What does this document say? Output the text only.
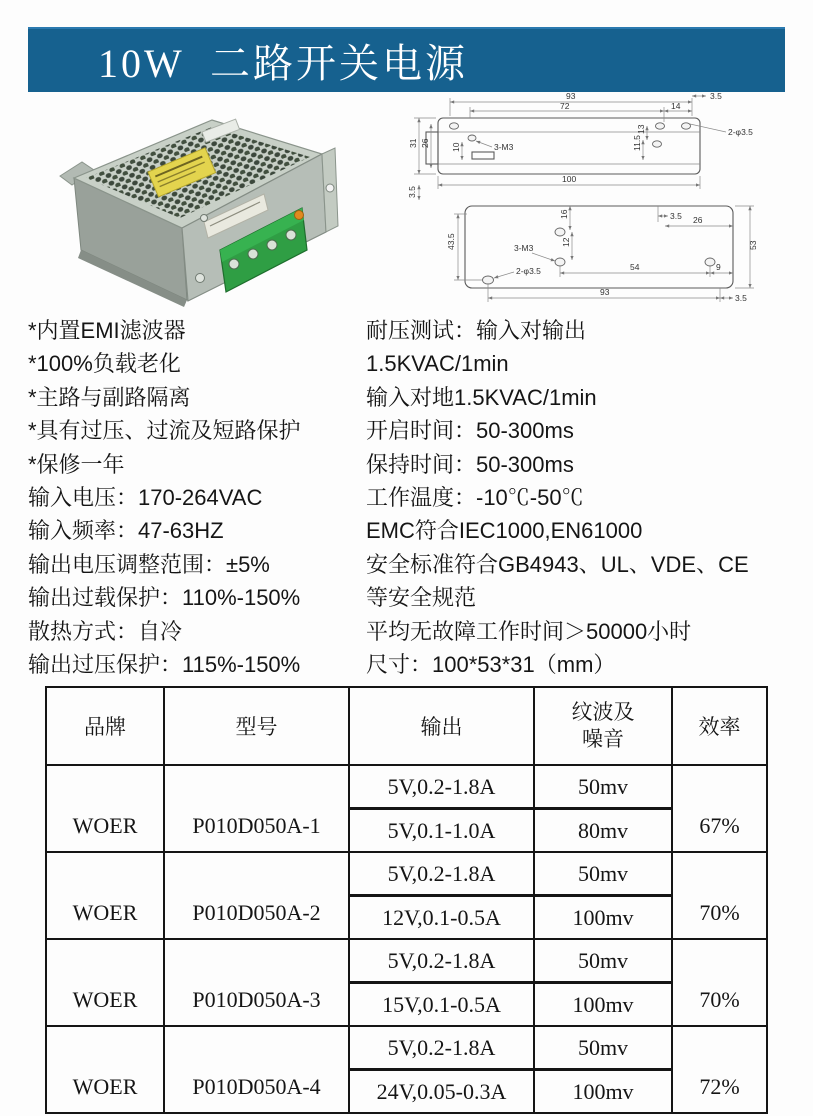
10W  二路开关电源
93
72	14
3.5
2-φ3.5
31 26	3-M3
10
13
11.5
100
3.5
3.5 26
16
12
3-M3
54	9
53
2-φ3.5
93
3.5
43.5
*内置EMI滤波器
*100%负载老化
*主路与副路隔离
*具有过压、过流及短路保护
*保修一年
输入电压：170-264VAC
输入频率：47-63HZ
输出电压调整范围：±5%
输出过载保护：110%-150%
散热方式：自冷
输出过压保护：115%-150%
耐压测试：输入对输出
1.5KVAC/1min
输入对地1.5KVAC/1min
开启时间：50-300ms
保持时间：50-300ms
工作温度：-10℃-50℃
EMC符合IEC1000,EN61000
安全标准符合GB4943、UL、VDE、CE
等安全规范
平均无故障工作时间＞50000小时
尺寸：100*53*31（mm）
品牌	型号	输出	纹波及噪音	效率
WOER	P010D050A-1	5V,0.2-1.8A	50mv	67%
		5V,0.1-1.0A	80mv	
WOER	P010D050A-2	5V,0.2-1.8A	50mv	70%
		12V,0.1-0.5A	100mv	
WOER	P010D050A-3	5V,0.2-1.8A	50mv	70%
		15V,0.1-0.5A	100mv	
WOER	P010D050A-4	5V,0.2-1.8A	50mv	72%
		24V,0.05-0.3A	100mv	
